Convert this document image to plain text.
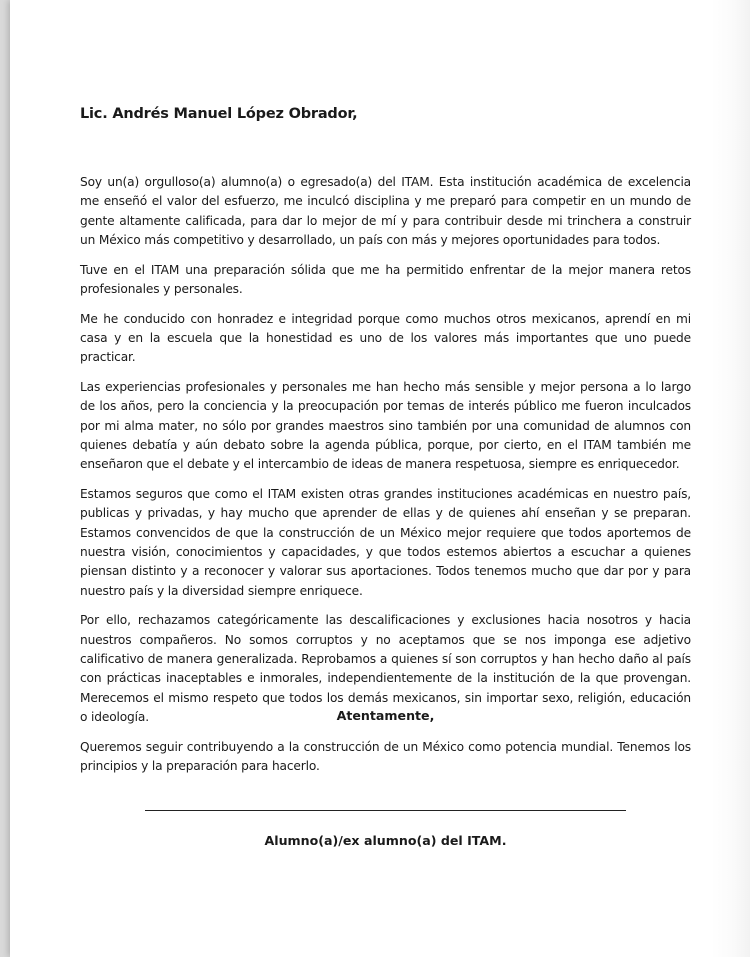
Lic. Andrés Manuel López Obrador,

Soy un(a) orgulloso(a) alumno(a) o egresado(a) del ITAM. Esta institución académica de excelencia me enseñó el valor del esfuerzo, me inculcó disciplina y me preparó para competir en un mundo de gente altamente calificada, para dar lo mejor de mí y para contribuir desde mi trinchera a construir un México más competitivo y desarrollado, un país con más y mejores oportunidades para todos.

Tuve en el ITAM una preparación sólida que me ha permitido enfrentar de la mejor manera retos profesionales y personales.

Me he conducido con honradez e integridad porque como muchos otros mexicanos, aprendí en mi casa y en la escuela que la honestidad es uno de los valores más importantes que uno puede practicar.

Las experiencias profesionales y personales me han hecho más sensible y mejor persona a lo largo de los años, pero la conciencia y la preocupación por temas de interés público me fueron inculcados por mi alma mater, no sólo por grandes maestros sino también por una comunidad de alumnos con quienes debatía y aún debato sobre la agenda pública, porque, por cierto, en el ITAM también me enseñaron que el debate y el intercambio de ideas de manera respetuosa, siempre es enriquecedor.

Estamos seguros que como el ITAM existen otras grandes instituciones académicas en nuestro país, publicas y privadas, y hay mucho que aprender de ellas y de quienes ahí enseñan y se preparan. Estamos convencidos de que la construcción de un México mejor requiere que todos aportemos de nuestra visión, conocimientos y capacidades, y que todos estemos abiertos a escuchar a quienes piensan distinto y a reconocer y valorar sus aportaciones. Todos tenemos mucho que dar por y para nuestro país y la diversidad siempre enriquece.

Por ello, rechazamos categóricamente las descalificaciones y exclusiones hacia nosotros y hacia nuestros compañeros. No somos corruptos y no aceptamos que se nos imponga ese adjetivo calificativo de manera generalizada. Reprobamos a quienes sí son corruptos y han hecho daño al país con prácticas inaceptables e inmorales, independientemente de la institución de la que provengan. Merecemos el mismo respeto que todos los demás mexicanos, sin importar sexo, religión, educación o ideología.

Queremos seguir contribuyendo a la construcción de un México como potencia mundial. Tenemos los principios y la preparación para hacerlo.

Atentamente,
Alumno(a)/ex alumno(a) del ITAM.
